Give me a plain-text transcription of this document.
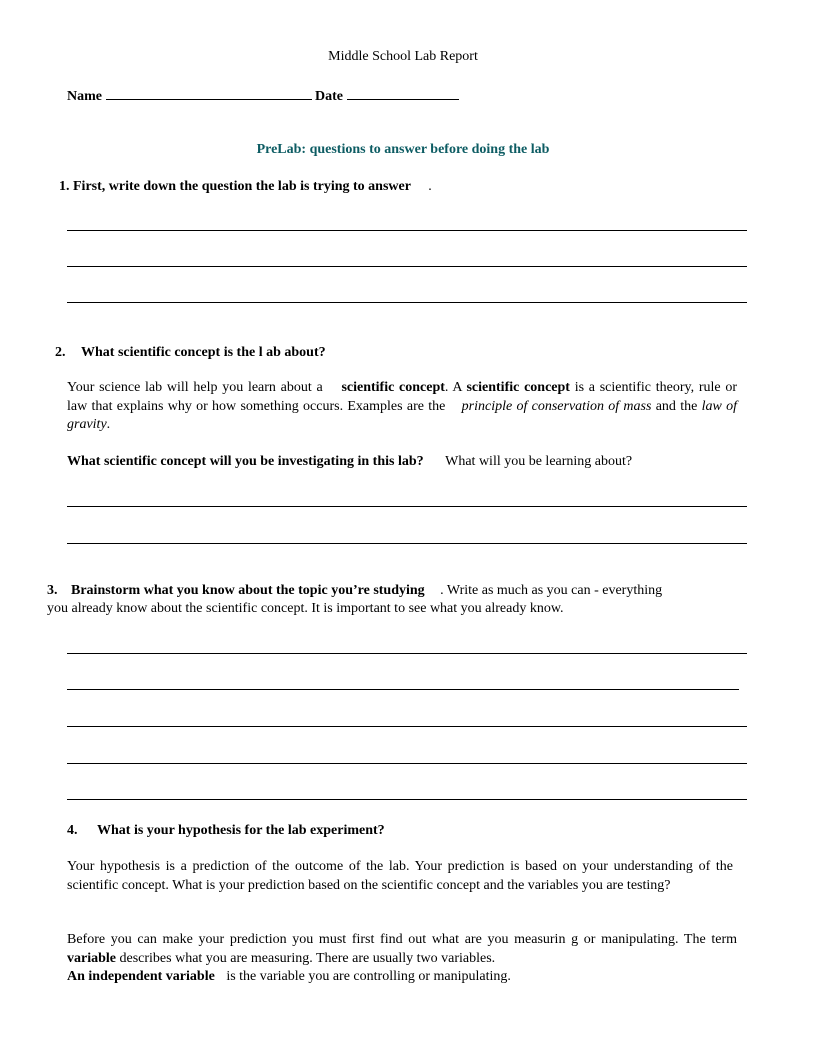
Middle School Lab Report
Name	Date
PreLab: questions to answer before doing the lab
1. First, write down the question the lab is trying to answer .
2. What scientific concept is the l ab about?
Your science lab will help you learn about a scientific concept. A scientific concept is a scientific theory, rule or law that explains why or how something occurs. Examples are the principle of conservation of mass and the law of gravity.
What scientific concept will you be investigating in this lab? What will you be learning about?
3. Brainstorm what you know about the topic you’re studying . Write as much as you can - everything
you already know about the scientific concept. It is important to see what you already know.
4. What is your hypothesis for the lab experiment?
Your hypothesis is a prediction of the outcome of the lab. Your prediction is based on your understanding of the scientific concept. What is your prediction based on the scientific concept and the variables you are testing?
Before you can make your prediction you must first find out what are you measurin g or manipulating. The term variable describes what you are measuring. There are usually two variables.
An independent variable is the variable you are controlling or manipulating.
